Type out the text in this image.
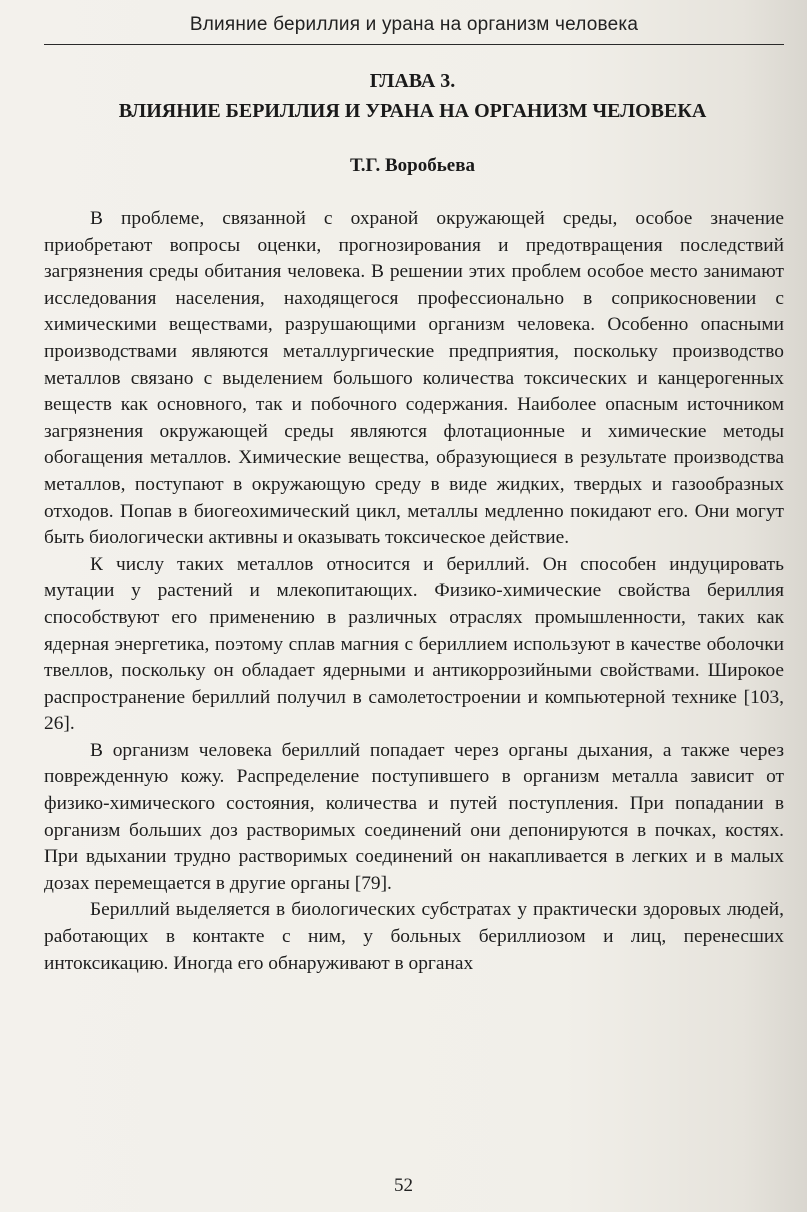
Влияние бериллия и урана на организм человека
ГЛАВА 3.
ВЛИЯНИЕ БЕРИЛЛИЯ И УРАНА НА ОРГАНИЗМ ЧЕЛОВЕКА
Т.Г. Воробьева

В проблеме, связанной с охраной окружающей среды, особое значение приобретают вопросы оценки, прогнозирования и предотвращения последствий загрязнения среды обитания человека. В решении этих проблем особое место занимают исследования населения, находящегося профессионально в соприкосновении с химическими веществами, разрушающими организм человека. Особенно опасными производствами являются металлургические предприятия, поскольку производство металлов связано с выделением большого количества токсических и канцерогенных веществ как основного, так и побочного содержания. Наиболее опасным источником загрязнения окружающей среды являются флотационные и химические методы обогащения металлов. Химические вещества, образующиеся в результате производства металлов, поступают в окружающую среду в виде жидких, твердых и газообразных отходов. Попав в биогеохимический цикл, металлы медленно покидают его. Они могут быть биологически активны и оказывать токсическое действие.

К числу таких металлов относится и бериллий. Он способен индуцировать мутации у растений и млекопитающих. Физико-химические свойства бериллия способствуют его применению в различных отраслях промышленности, таких как ядерная энергетика, поэтому сплав магния с бериллием используют в качестве оболочки твеллов, поскольку он обладает ядерными и антикоррозийными свойствами. Широкое распространение бериллий получил в самолетостроении и компьютерной технике [103, 26].

В организм человека бериллий попадает через органы дыхания, а также через поврежденную кожу. Распределение поступившего в организм металла зависит от физико-химического состояния, количества и путей поступления. При попадании в организм больших доз растворимых соединений они депонируются в почках, костях. При вдыхании трудно растворимых соединений он накапливается в легких и в малых дозах перемещается в другие органы [79].

Бериллий выделяется в биологических субстратах у практически здоровых людей, работающих в контакте с ним, у больных бериллиозом и лиц, перенесших интоксикацию. Иногда его обнаруживают в органах

52
